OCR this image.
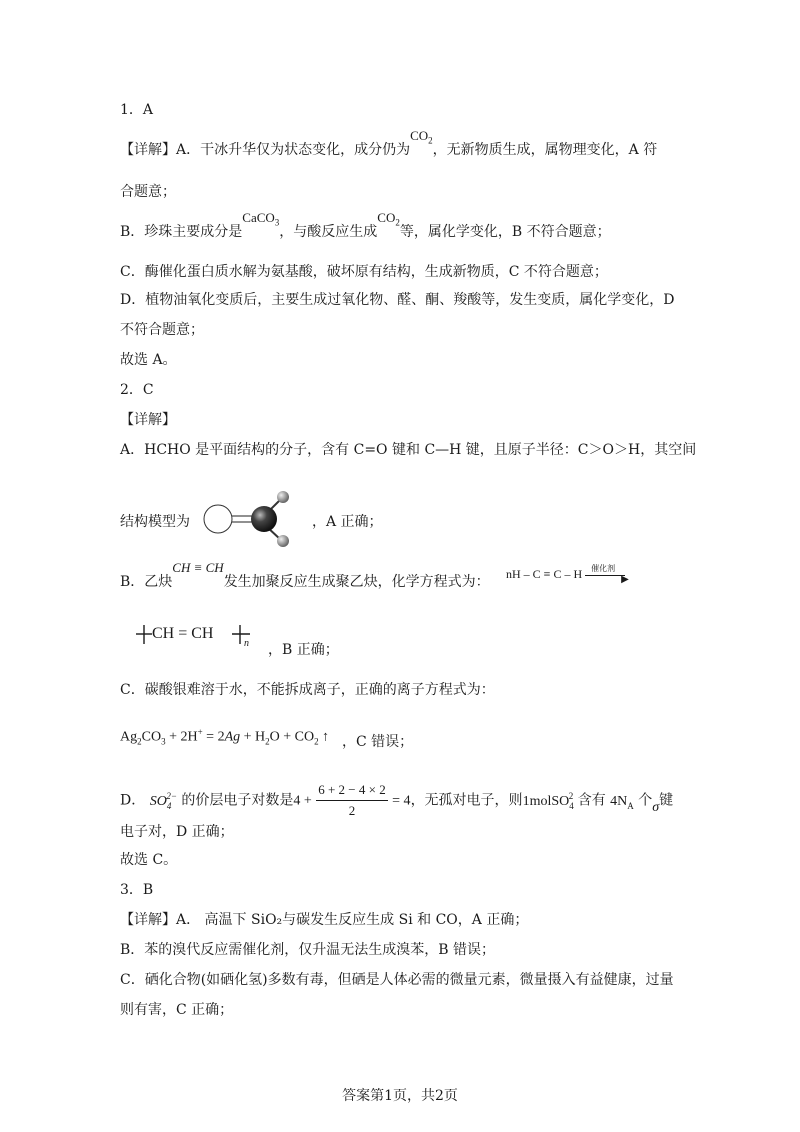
1．A
【详解】A．干冰升华仅为状态变化，成分仍为$CO_2$，无新物质生成，属物理变化，A 符
合题意；
B．珍珠主要成分是CaCO$_3$，与酸反应生成$CO_2$等，属化学变化，B 不符合题意；
C．酶催化蛋白质水解为氨基酸，破坏原有结构，生成新物质，C 不符合题意；
D．植物油氧化变质后，主要生成过氧化物、醛、酮、羧酸等，发生变质，属化学变化，D
不符合题意；
故选 A。
2．C
【详解】
A．HCHO 是平面结构的分子，含有 C=O 键和 C—H 键，且原子半径：C＞O＞H，其空间
结构模型为	，A 正确；
B．乙炔CH ≡ CH发生加聚反应生成聚乙炔，化学方程式为： nH – C ≡ C – H 催化剂
▶
CH = CH
n ，B 正确；
C．碳酸银难溶于水，不能拆成离子，正确的离子方程式为：
$Ag_2CO_3 + 2H^+ = 2Ag + H_2O + CO_2$ ↑ ，C 错误；
D． $SO_4^{2-}$ 的价层电子对数是$4 + \frac{6 + 2 - 4 \times 2}{2} = 4$，无孤对电子，则1molSO$_4^2$ 含有 $4N_A$ 个σ键
电子对，D 正确；
故选 C。
3．B
【详解】A． 高温下 SiO₂与碳发生反应生成 Si 和 CO，A 正确；
B．苯的溴代反应需催化剂，仅升温无法生成溴苯，B 错误；
C．硒化合物(如硒化氢)多数有毒，但硒是人体必需的微量元素，微量摄入有益健康，过量
则有害，C 正确；
答案第1页，共2页
